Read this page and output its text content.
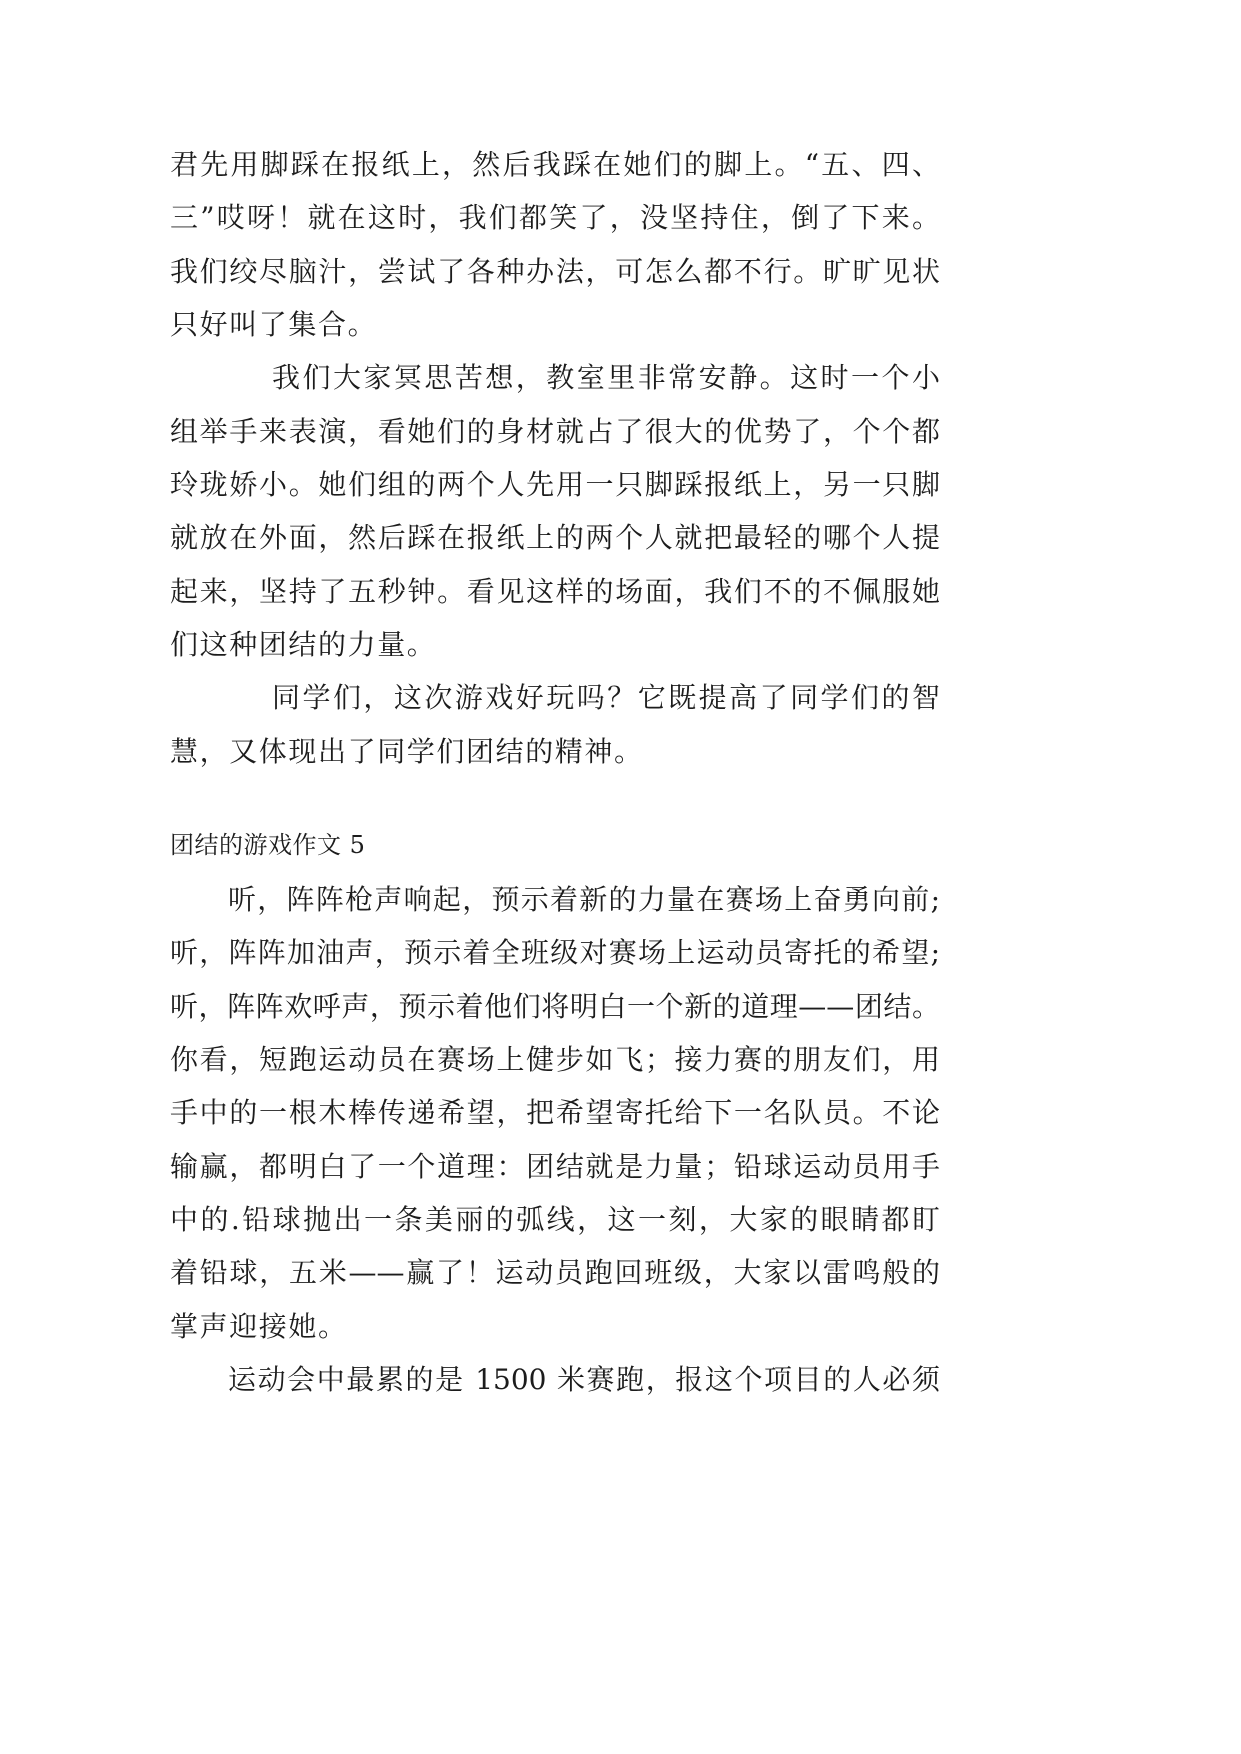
君先用脚踩在报纸上，然后我踩在她们的脚上。“五、四、
三”哎呀！就在这时，我们都笑了，没坚持住，倒了下来。
我们绞尽脑汁，尝试了各种办法，可怎么都不行。旷旷见状
只好叫了集合。
我们大家冥思苦想，教室里非常安静。这时一个小
组举手来表演，看她们的身材就占了很大的优势了，个个都
玲珑娇小。她们组的两个人先用一只脚踩报纸上，另一只脚
就放在外面，然后踩在报纸上的两个人就把最轻的哪个人提
起来，坚持了五秒钟。看见这样的场面，我们不的不佩服她
们这种团结的力量。
同学们，这次游戏好玩吗？它既提高了同学们的智
慧，又体现出了同学们团结的精神。
团结的游戏作文 5
听，阵阵枪声响起，预示着新的力量在赛场上奋勇向前;
听，阵阵加油声，预示着全班级对赛场上运动员寄托的希望;
听，阵阵欢呼声，预示着他们将明白一个新的道理——团结。
你看，短跑运动员在赛场上健步如飞；接力赛的朋友们，用
手中的一根木棒传递希望，把希望寄托给下一名队员。不论
输赢，都明白了一个道理：团结就是力量；铅球运动员用手
中的.铅球抛出一条美丽的弧线，这一刻，大家的眼睛都盯
着铅球，五米——赢了！运动员跑回班级，大家以雷鸣般的
掌声迎接她。
运动会中最累的是 1500 米赛跑，报这个项目的人必须
